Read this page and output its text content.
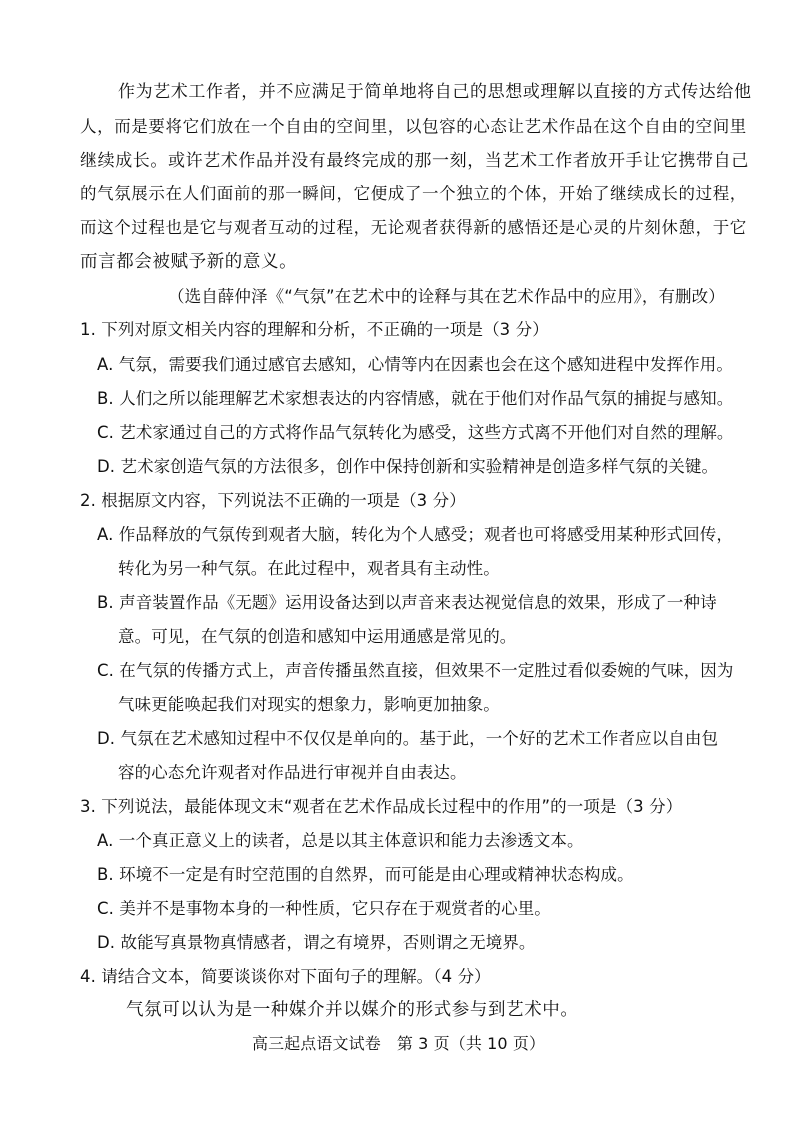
作为艺术工作者，并不应满足于简单地将自己的思想或理解以直接的方式传达给他
人，而是要将它们放在一个自由的空间里，以包容的心态让艺术作品在这个自由的空间里
继续成长。或许艺术作品并没有最终完成的那一刻，当艺术工作者放开手让它携带自己
的气氛展示在人们面前的那一瞬间，它便成了一个独立的个体，开始了继续成长的过程，
而这个过程也是它与观者互动的过程，无论观者获得新的感悟还是心灵的片刻休憩，于它
而言都会被赋予新的意义。
（选自薛仲泽《“气氛”在艺术中的诠释与其在艺术作品中的应用》，有删改）
1. 下列对原文相关内容的理解和分析，不正确的一项是（3 分）
A. 气氛，需要我们通过感官去感知，心情等内在因素也会在这个感知进程中发挥作用。
B. 人们之所以能理解艺术家想表达的内容情感，就在于他们对作品气氛的捕捉与感知。
C. 艺术家通过自己的方式将作品气氛转化为感受，这些方式离不开他们对自然的理解。
D. 艺术家创造气氛的方法很多，创作中保持创新和实验精神是创造多样气氛的关键。
2. 根据原文内容，下列说法不正确的一项是（3 分）
A. 作品释放的气氛传到观者大脑，转化为个人感受；观者也可将感受用某种形式回传，
转化为另一种气氛。在此过程中，观者具有主动性。
B. 声音装置作品《无题》运用设备达到以声音来表达视觉信息的效果，形成了一种诗
意。可见，在气氛的创造和感知中运用通感是常见的。
C. 在气氛的传播方式上，声音传播虽然直接，但效果不一定胜过看似委婉的气味，因为
气味更能唤起我们对现实的想象力，影响更加抽象。
D. 气氛在艺术感知过程中不仅仅是单向的。基于此，一个好的艺术工作者应以自由包
容的心态允许观者对作品进行审视并自由表达。
3. 下列说法，最能体现文末“观者在艺术作品成长过程中的作用”的一项是（3 分）
A. 一个真正意义上的读者，总是以其主体意识和能力去渗透文本。
B. 环境不一定是有时空范围的自然界，而可能是由心理或精神状态构成。
C. 美并不是事物本身的一种性质，它只存在于观赏者的心里。
D. 故能写真景物真情感者，谓之有境界，否则谓之无境界。
4. 请结合文本，简要谈谈你对下面句子的理解。（4 分）
气氛可以认为是一种媒介并以媒介的形式参与到艺术中。
高三起点语文试卷　第 3 页（共 10 页）
